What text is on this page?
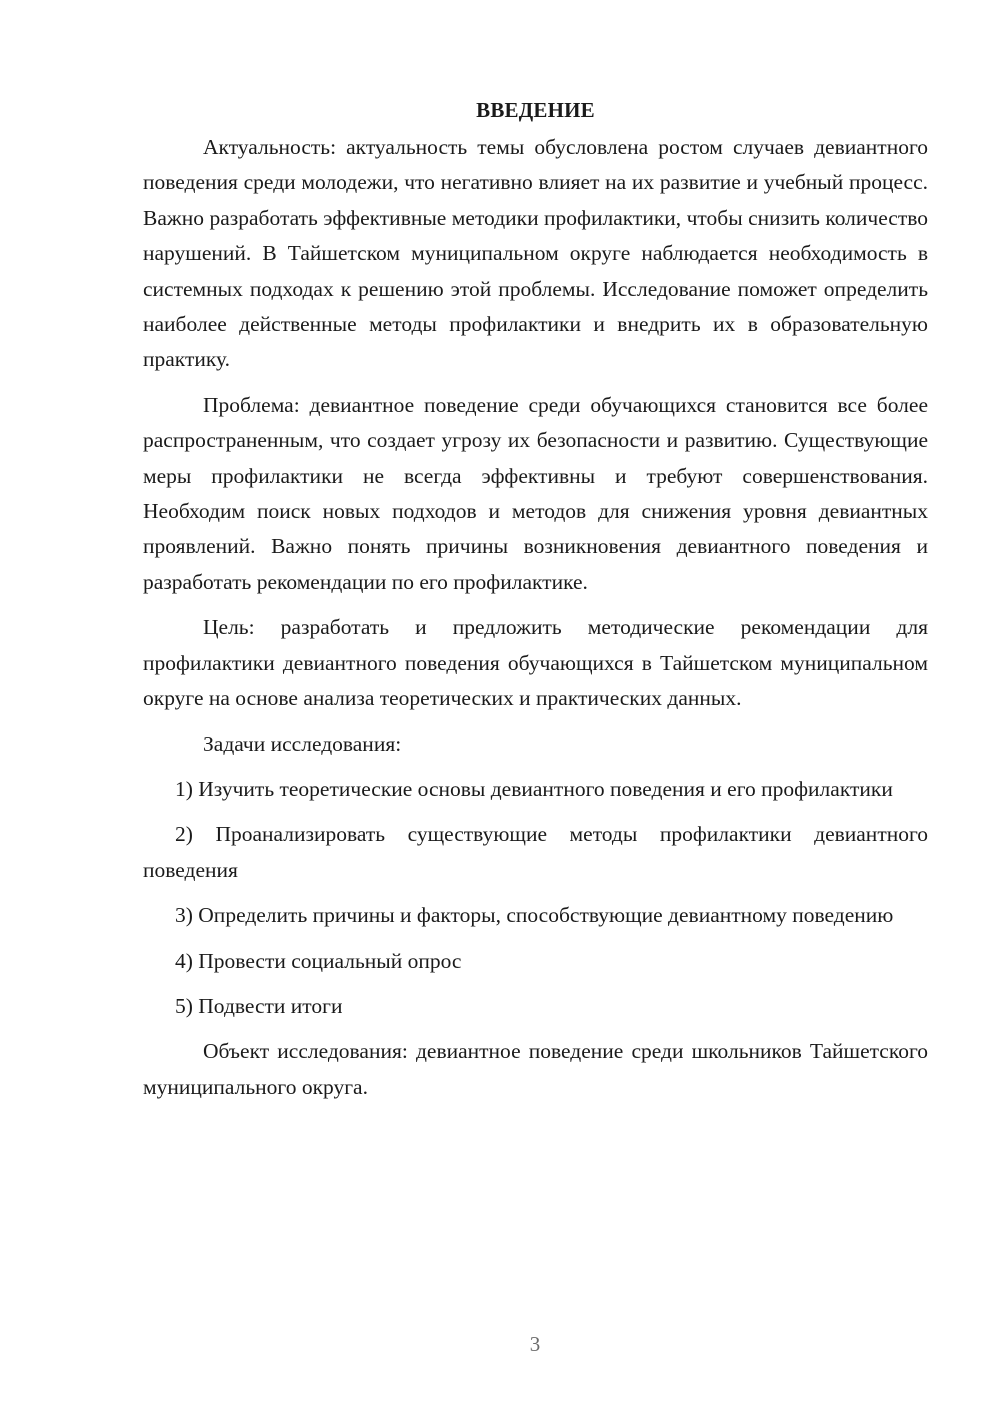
ВВЕДЕНИЕ

Актуальность: актуальность темы обусловлена ростом случаев девиантного поведения среди молодежи, что негативно влияет на их развитие и учебный процесс. Важно разработать эффективные методики профилактики, чтобы снизить количество нарушений. В Тайшетском муниципальном округе наблюдается необходимость в системных подходах к решению этой проблемы. Исследование поможет определить наиболее действенные методы профилактики и внедрить их в образовательную практику.

Проблема: девиантное поведение среди обучающихся становится все более распространенным, что создает угрозу их безопасности и развитию. Существующие меры профилактики не всегда эффективны и требуют совершенствования. Необходим поиск новых подходов и методов для снижения уровня девиантных проявлений. Важно понять причины возникновения девиантного поведения и разработать рекомендации по его профилактике.

Цель: разработать и предложить методические рекомендации для профилактики девиантного поведения обучающихся в Тайшетском муниципальном округе на основе анализа теоретических и практических данных.

Задачи исследования:

1) Изучить теоретические основы девиантного поведения и его профилактики

2) Проанализировать существующие методы профилактики девиантного поведения

3) Определить причины и факторы, способствующие девиантному поведению

4) Провести социальный опрос

5) Подвести итоги

Объект исследования: девиантное поведение среди школьников Тайшетского муниципального округа.

3
